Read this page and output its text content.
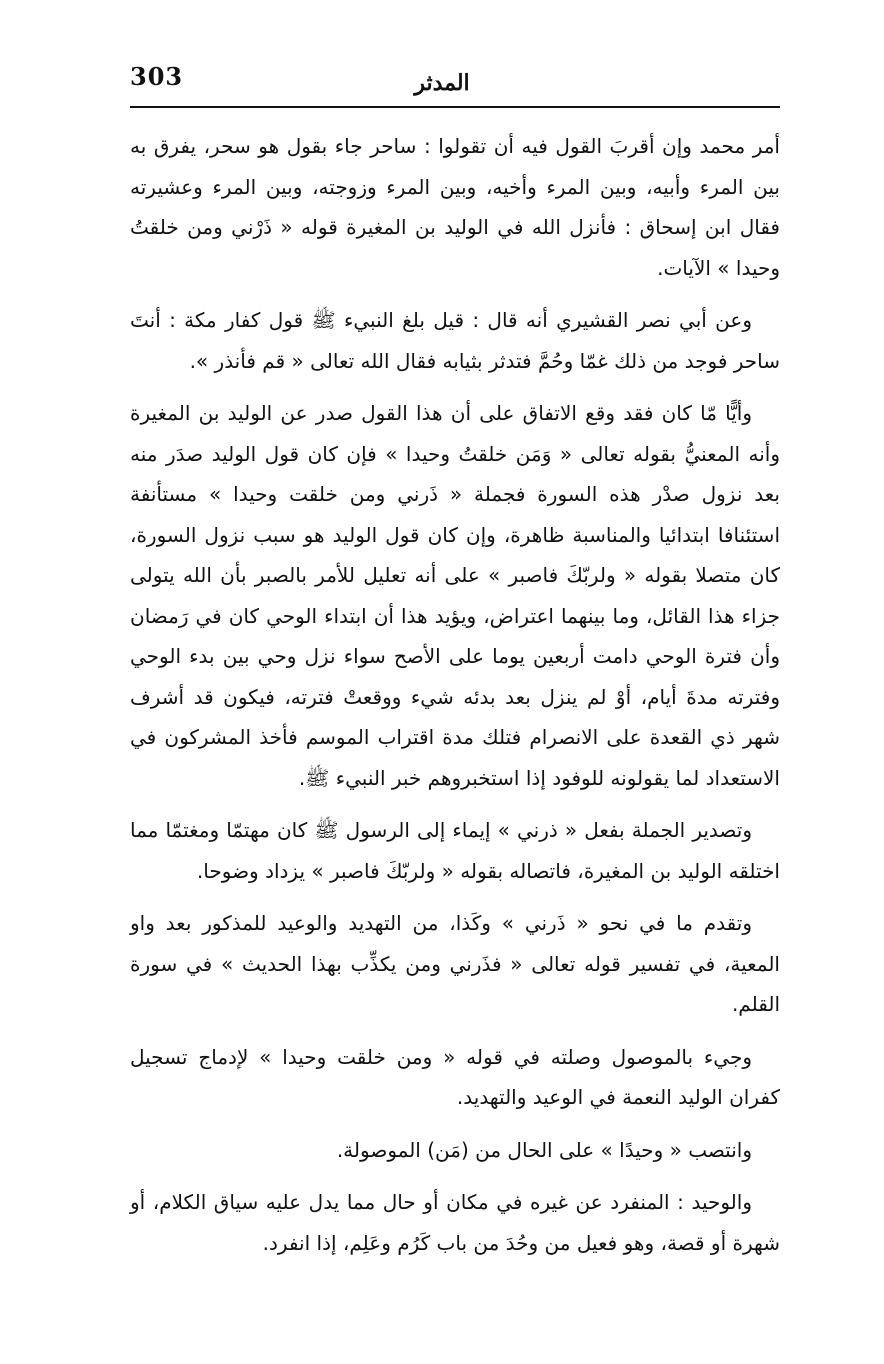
303	المدثر

أمر محمد وإن أقربَ القول فيه أن تقولوا : ساحر جاء بقول هو سحر، يفرق به بين المرء وأبيه، وبين المرء وأخيه، وبين المرء وزوجته، وبين المرء وعشيرته فقال ابن إسحاق : فأنزل الله في الوليد بن المغيرة قوله « ذَرْني ومن خلقتُ وحيدا » الآيات.

وعن أبي نصر القشيري أنه قال : قيل بلغ النبيء ﷺ قول كفار مكة : أنتَ ساحر فوجد من ذلك غمّا وحُمَّ فتدثر بثيابه فقال الله تعالى « قم فأنذر ».

وأيًّا مّا كان فقد وقع الاتفاق على أن هذا القول صدر عن الوليد بن المغيرة وأنه المعنيُّ بقوله تعالى « وَمَن خلقتُ وحيدا » فإن كان قول الوليد صدَر منه بعد نزول صدْر هذه السورة فجملة « ذَرني ومن خلقت وحيدا » مستأنفة استئنافا ابتدائيا والمناسبة ظاهرة، وإن كان قول الوليد هو سبب نزول السورة، كان متصلا بقوله « ولربّكَ فاصبر » على أنه تعليل للأمر بالصبر بأن الله يتولى جزاء هذا القائل، وما بينهما اعتراض، ويؤيد هذا أن ابتداء الوحي كان في رَمضان وأن فترة الوحي دامت أربعين يوما على الأصح سواء نزل وحي بين بدء الوحي وفترته مدةَ أيام، أوْ لم ينزل بعد بدئه شيء ووقعتْ فترته، فيكون قد أشرف شهر ذي القعدة على الانصرام فتلك مدة اقتراب الموسم فأخذ المشركون في الاستعداد لما يقولونه للوفود إذا استخبروهم خبر النبيء ﷺ.

وتصدير الجملة بفعل « ذرني » إيماء إلى الرسول ﷺ كان مهتمّا ومغتمّا مما اختلقه الوليد بن المغيرة، فاتصاله بقوله « ولربّكَ فاصبر » يزداد وضوحا.

وتقدم ما في نحو « ذَرني » وكَذا، من التهديد والوعيد للمذكور بعد واو المعية، في تفسير قوله تعالى « فذَرني ومن يكذِّب بهذا الحديث » في سورة القلم.

وجيء بالموصول وصلته في قوله « ومن خلقت وحيدا » لإدماج تسجيل كفران الوليد النعمة في الوعيد والتهديد.

وانتصب « وحيدًا » على الحال من (مَن) الموصولة.

والوحيد : المنفرد عن غيره في مكان أو حال مما يدل عليه سياق الكلام، أو شهرة أو قصة، وهو فعيل من وحُدَ من باب كَرُم وعَلِم، إذا انفرد.
